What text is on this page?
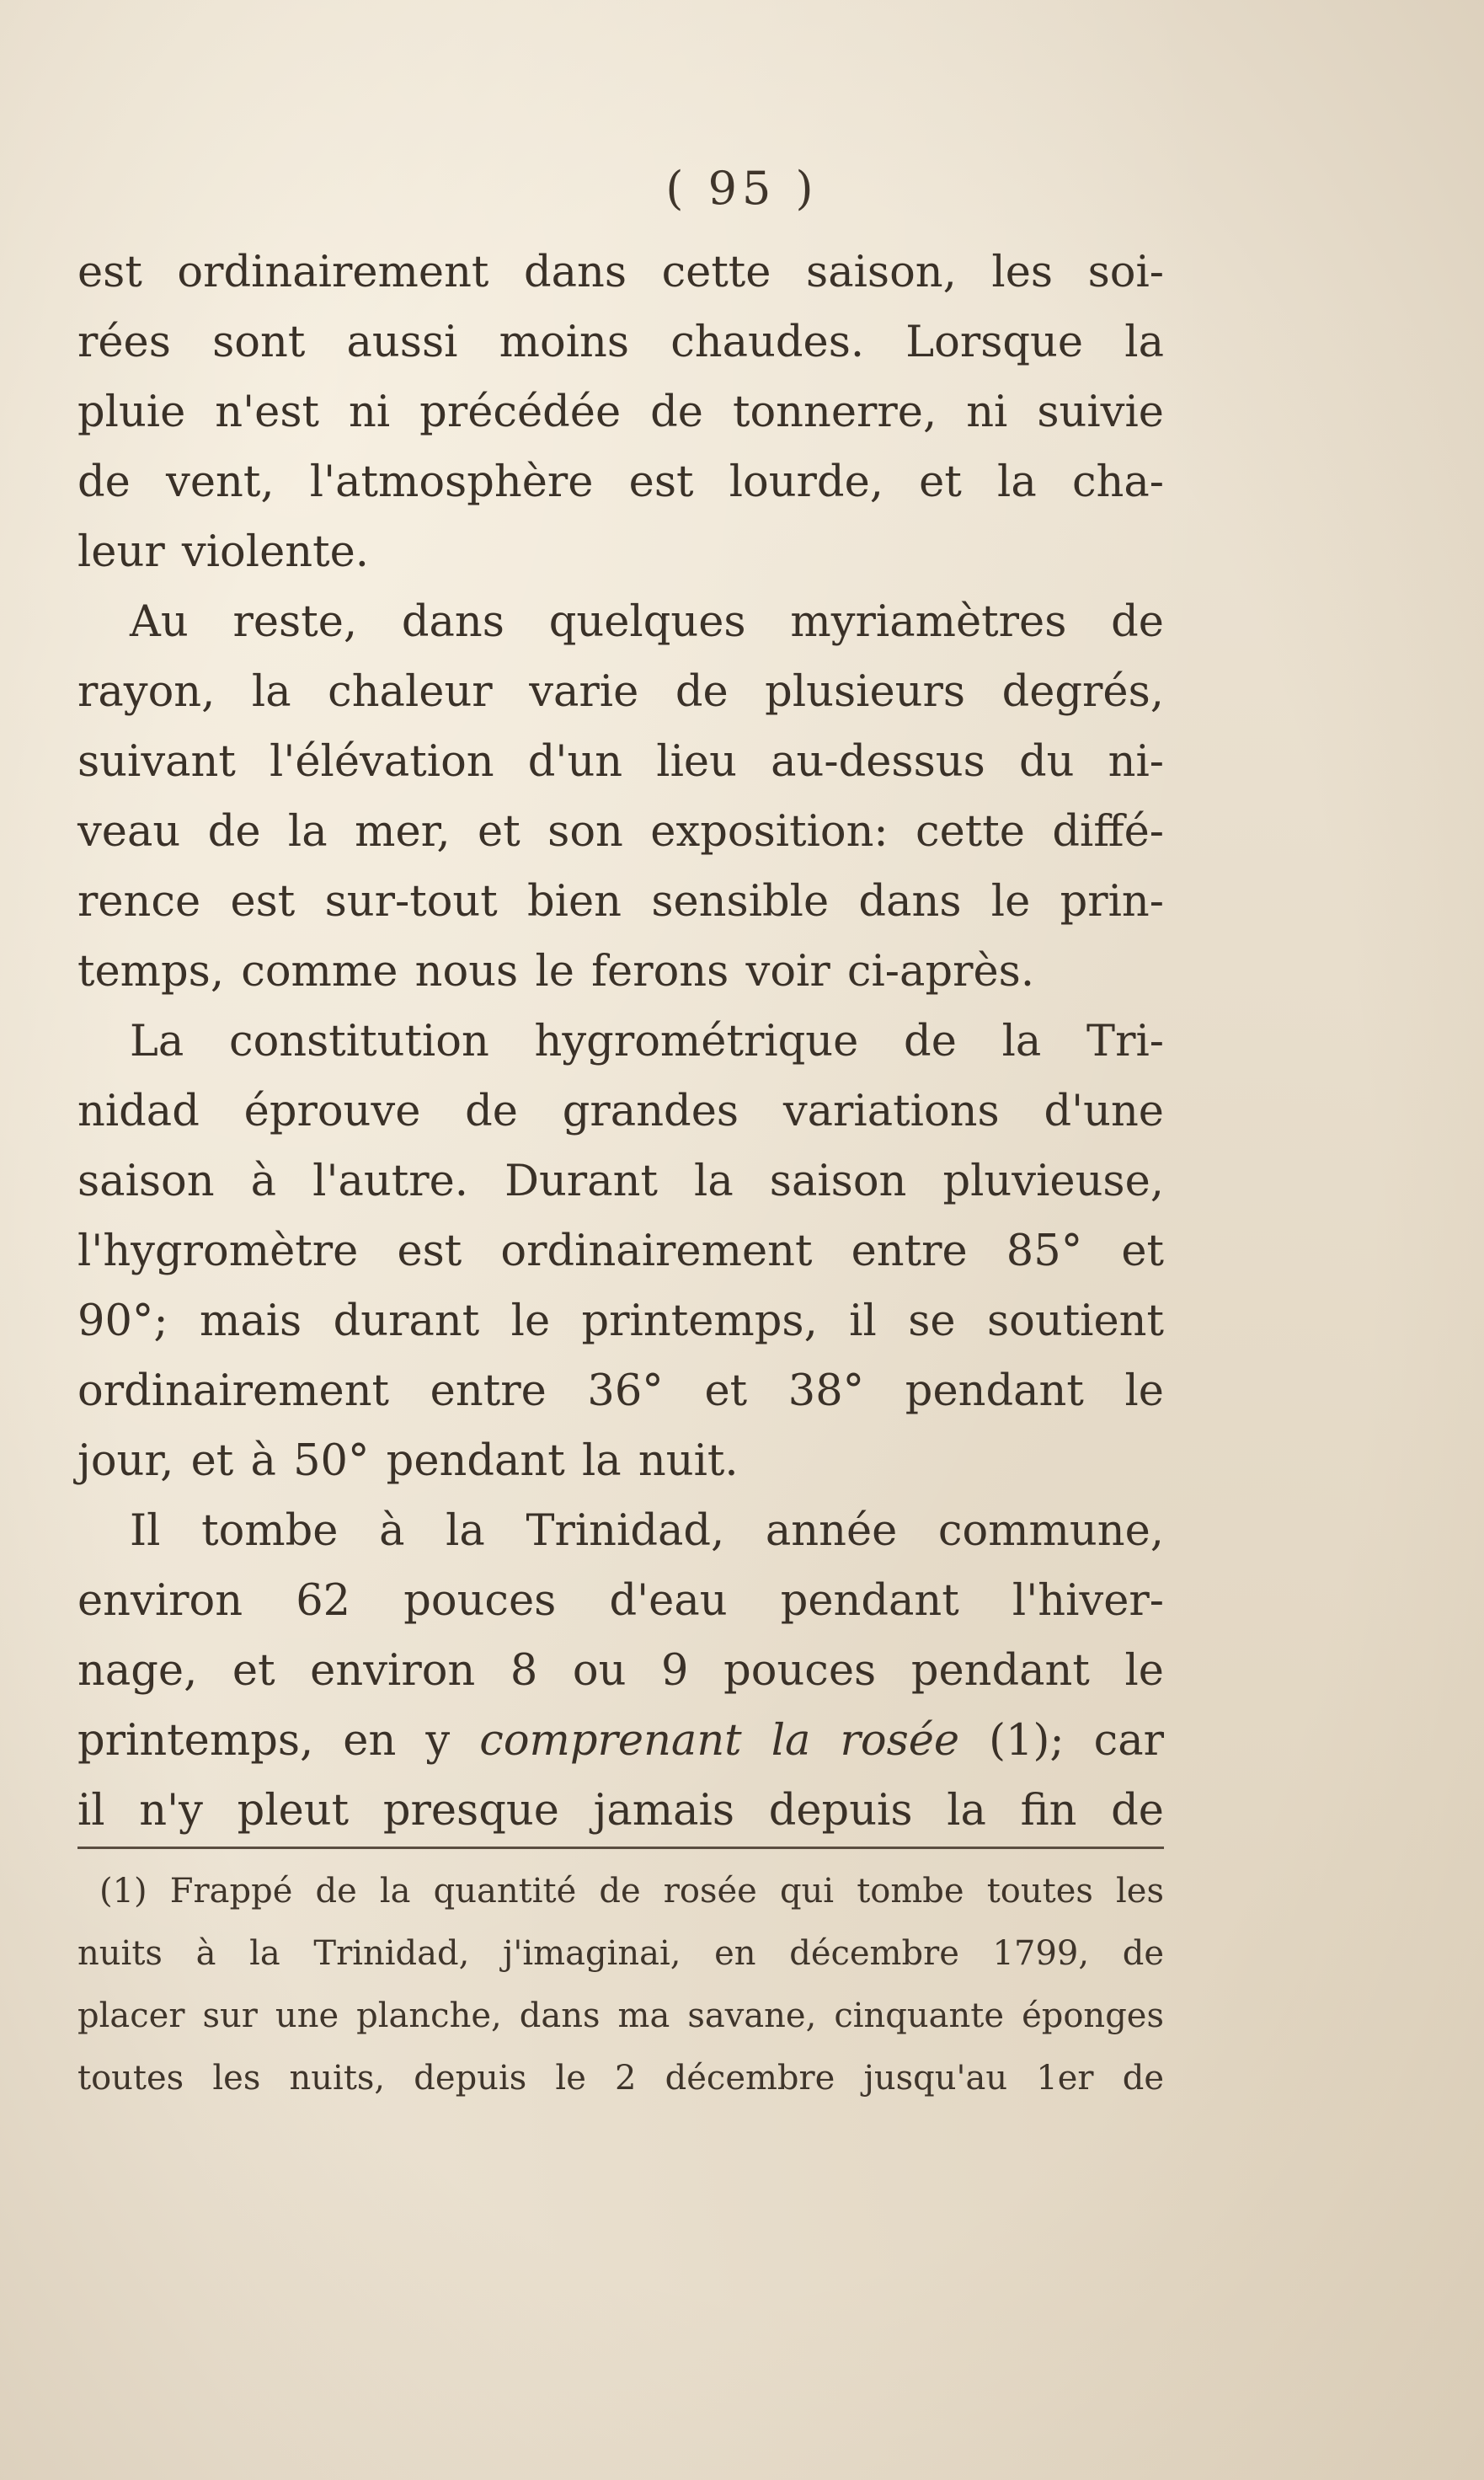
( 95 )
est ordinairement dans cette saison, les soi-
rées sont aussi moins chaudes. Lorsque la
pluie n'est ni précédée de tonnerre, ni suivie
de vent, l'atmosphère est lourde, et la cha-
leur violente.
Au reste, dans quelques myriamètres de
rayon, la chaleur varie de plusieurs degrés,
suivant l'élévation d'un lieu au-dessus du ni-
veau de la mer, et son exposition: cette diffé-
rence est sur-tout bien sensible dans le prin-
temps, comme nous le ferons voir ci-après.
La constitution hygrométrique de la Tri-
nidad éprouve de grandes variations d'une
saison à l'autre. Durant la saison pluvieuse,
l'hygromètre est ordinairement entre 85° et
90°; mais durant le printemps, il se soutient
ordinairement entre 36° et 38° pendant le
jour, et à 50° pendant la nuit.
Il tombe à la Trinidad, année commune,
environ 62 pouces d'eau pendant l'hiver-
nage, et environ 8 ou 9 pouces pendant le
printemps, en y comprenant la rosée (1); car
il n'y pleut presque jamais depuis la fin de
(1) Frappé de la quantité de rosée qui tombe toutes les
nuits à la Trinidad, j'imaginai, en décembre 1799, de
placer sur une planche, dans ma savane, cinquante éponges
toutes les nuits, depuis le 2 décembre jusqu'au 1er de
